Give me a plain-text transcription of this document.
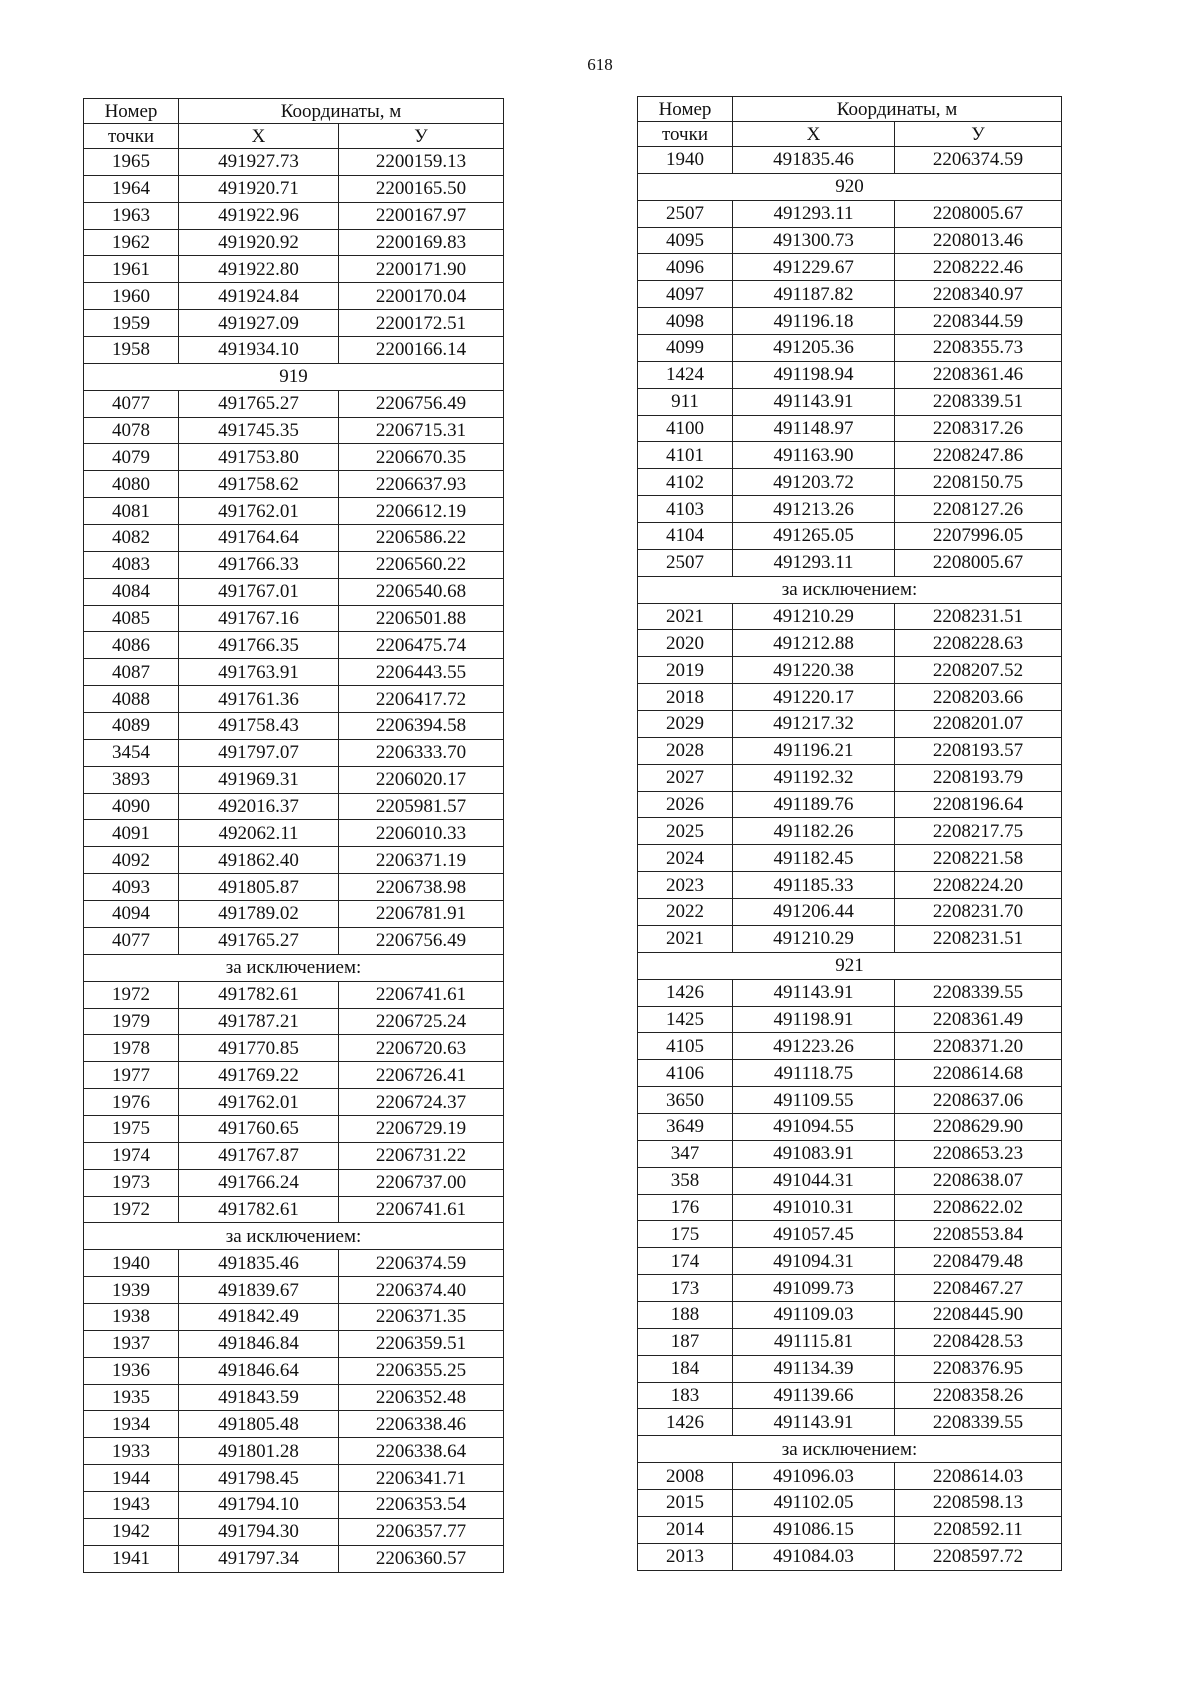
618
Номер	Координаты, м	
точки	X	У
1965	491927.73	2200159.13
1964	491920.71	2200165.50
1963	491922.96	2200167.97
1962	491920.92	2200169.83
1961	491922.80	2200171.90
1960	491924.84	2200170.04
1959	491927.09	2200172.51
1958	491934.10	2200166.14
919		
4077	491765.27	2206756.49
4078	491745.35	2206715.31
4079	491753.80	2206670.35
4080	491758.62	2206637.93
4081	491762.01	2206612.19
4082	491764.64	2206586.22
4083	491766.33	2206560.22
4084	491767.01	2206540.68
4085	491767.16	2206501.88
4086	491766.35	2206475.74
4087	491763.91	2206443.55
4088	491761.36	2206417.72
4089	491758.43	2206394.58
3454	491797.07	2206333.70
3893	491969.31	2206020.17
4090	492016.37	2205981.57
4091	492062.11	2206010.33
4092	491862.40	2206371.19
4093	491805.87	2206738.98
4094	491789.02	2206781.91
4077	491765.27	2206756.49
за исключением:		
1972	491782.61	2206741.61
1979	491787.21	2206725.24
1978	491770.85	2206720.63
1977	491769.22	2206726.41
1976	491762.01	2206724.37
1975	491760.65	2206729.19
1974	491767.87	2206731.22
1973	491766.24	2206737.00
1972	491782.61	2206741.61
за исключением:		
1940	491835.46	2206374.59
1939	491839.67	2206374.40
1938	491842.49	2206371.35
1937	491846.84	2206359.51
1936	491846.64	2206355.25
1935	491843.59	2206352.48
1934	491805.48	2206338.46
1933	491801.28	2206338.64
1944	491798.45	2206341.71
1943	491794.10	2206353.54
1942	491794.30	2206357.77
1941	491797.34	2206360.57
Номер	Координаты, м	
точки	X	У
1940	491835.46	2206374.59
920		
2507	491293.11	2208005.67
4095	491300.73	2208013.46
4096	491229.67	2208222.46
4097	491187.82	2208340.97
4098	491196.18	2208344.59
4099	491205.36	2208355.73
1424	491198.94	2208361.46
911	491143.91	2208339.51
4100	491148.97	2208317.26
4101	491163.90	2208247.86
4102	491203.72	2208150.75
4103	491213.26	2208127.26
4104	491265.05	2207996.05
2507	491293.11	2208005.67
за исключением:		
2021	491210.29	2208231.51
2020	491212.88	2208228.63
2019	491220.38	2208207.52
2018	491220.17	2208203.66
2029	491217.32	2208201.07
2028	491196.21	2208193.57
2027	491192.32	2208193.79
2026	491189.76	2208196.64
2025	491182.26	2208217.75
2024	491182.45	2208221.58
2023	491185.33	2208224.20
2022	491206.44	2208231.70
2021	491210.29	2208231.51
921		
1426	491143.91	2208339.55
1425	491198.91	2208361.49
4105	491223.26	2208371.20
4106	491118.75	2208614.68
3650	491109.55	2208637.06
3649	491094.55	2208629.90
347	491083.91	2208653.23
358	491044.31	2208638.07
176	491010.31	2208622.02
175	491057.45	2208553.84
174	491094.31	2208479.48
173	491099.73	2208467.27
188	491109.03	2208445.90
187	491115.81	2208428.53
184	491134.39	2208376.95
183	491139.66	2208358.26
1426	491143.91	2208339.55
за исключением:		
2008	491096.03	2208614.03
2015	491102.05	2208598.13
2014	491086.15	2208592.11
2013	491084.03	2208597.72
